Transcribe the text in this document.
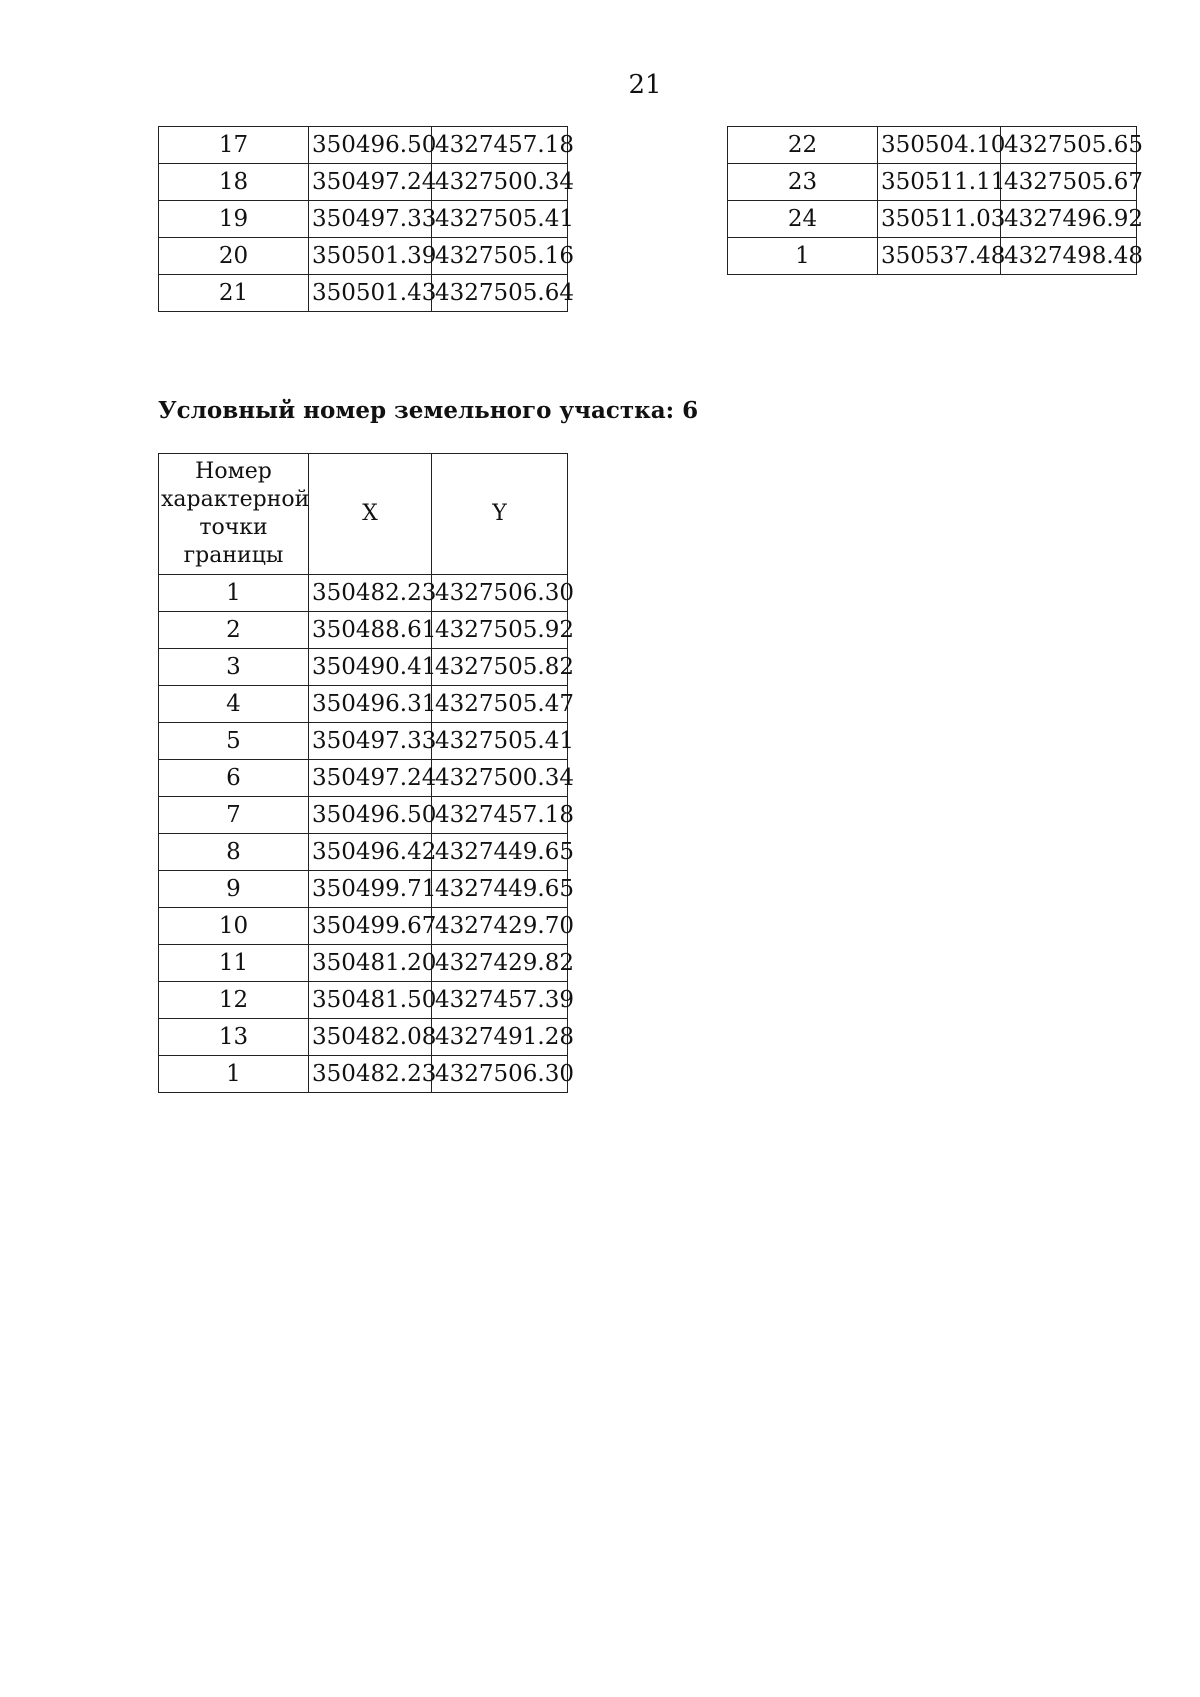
21
17	350496.50	4327457.18
18	350497.24	4327500.34
19	350497.33	4327505.41
20	350501.39	4327505.16
21	350501.43	4327505.64
22	350504.10	4327505.65
23	350511.11	4327505.67
24	350511.03	4327496.92
1	350537.48	4327498.48
Условный номер земельного участка: 6
Номер
характерной
точки
границы	X	Y
1	350482.23	4327506.30
2	350488.61	4327505.92
3	350490.41	4327505.82
4	350496.31	4327505.47
5	350497.33	4327505.41
6	350497.24	4327500.34
7	350496.50	4327457.18
8	350496.42	4327449.65
9	350499.71	4327449.65
10	350499.67	4327429.70
11	350481.20	4327429.82
12	350481.50	4327457.39
13	350482.08	4327491.28
1	350482.23	4327506.30
